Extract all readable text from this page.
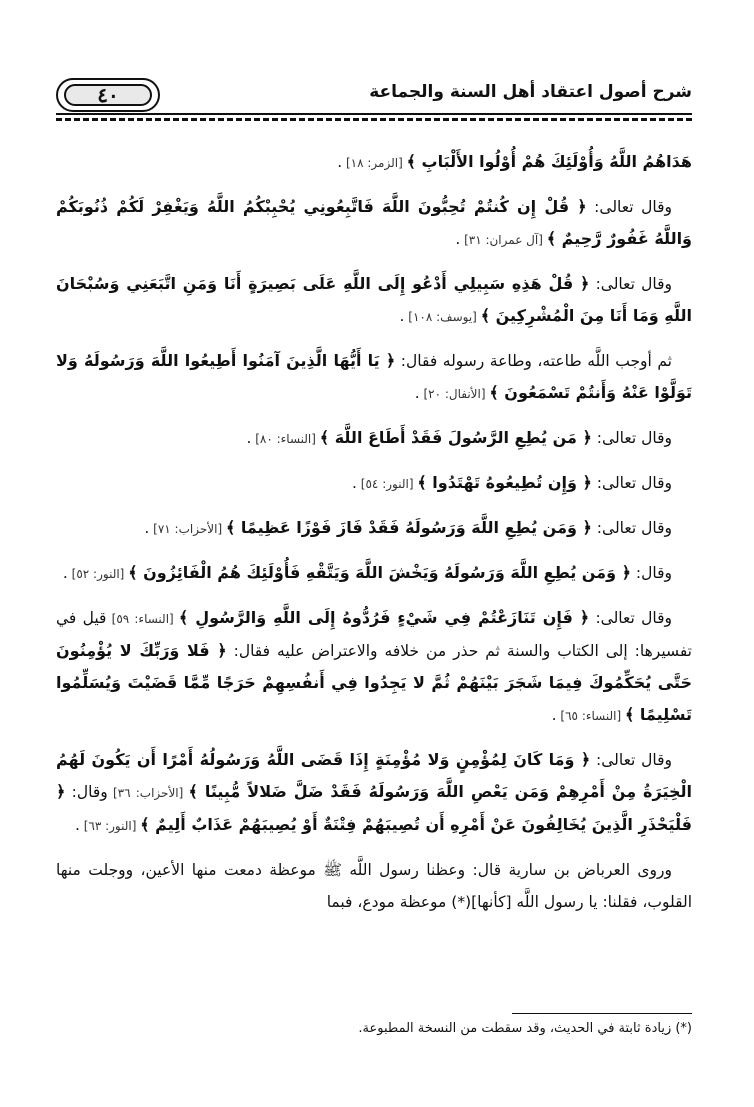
٤٠	شرح أصول اعتقاد أهل السنة والجماعة

هَدَاهُمُ اللَّهُ وَأُوْلَئِكَ هُمْ أُوْلُوا الأَلْبَابِ ﴾ [الزمر: ١٨] .

وقال تعالى: ﴿ قُلْ إِن كُنتُمْ تُحِبُّونَ اللَّهَ فَاتَّبِعُونِي يُحْبِبْكُمُ اللَّهُ وَيَغْفِرْ لَكُمْ ذُنُوبَكُمْ وَاللَّهُ غَفُورٌ رَّحِيمٌ ﴾ [آل عمران: ٣١] .

وقال تعالى: ﴿ قُلْ هَذِهِ سَبِيلِي أَدْعُو إِلَى اللَّهِ عَلَى بَصِيرَةٍ أَنَا وَمَنِ اتَّبَعَنِي وَسُبْحَانَ اللَّهِ وَمَا أَنَا مِنَ الْمُشْرِكِينَ ﴾ [يوسف: ١٠٨] .

ثم أوجب اللَّه طاعته، وطاعة رسوله فقال: ﴿ يَا أَيُّهَا الَّذِينَ آمَنُوا أَطِيعُوا اللَّهَ وَرَسُولَهُ وَلا تَوَلَّوْا عَنْهُ وَأَنتُمْ تَسْمَعُونَ ﴾ [الأنفال: ٢٠] .

وقال تعالى: ﴿ مَن يُطِعِ الرَّسُولَ فَقَدْ أَطَاعَ اللَّهَ ﴾ [النساء: ٨٠] .

وقال تعالى: ﴿ وَإِن تُطِيعُوهُ تَهْتَدُوا ﴾ [النور: ٥٤] .

وقال تعالى: ﴿ وَمَن يُطِعِ اللَّهَ وَرَسُولَهُ فَقَدْ فَازَ فَوْزًا عَظِيمًا ﴾ [الأحزاب: ٧١] .

وقال: ﴿ وَمَن يُطِعِ اللَّهَ وَرَسُولَهُ وَيَخْشَ اللَّهَ وَيَتَّقْهِ فَأُوْلَئِكَ هُمُ الْفَائِزُونَ ﴾ [النور: ٥٢] .

وقال تعالى: ﴿ فَإِن تَنَازَعْتُمْ فِي شَيْءٍ فَرُدُّوهُ إِلَى اللَّهِ وَالرَّسُولِ ﴾ [النساء: ٥٩] قيل في تفسيرها: إلى الكتاب والسنة ثم حذر من خلافه والاعتراض عليه فقال: ﴿ فَلا وَرَبِّكَ لا يُؤْمِنُونَ حَتَّى يُحَكِّمُوكَ فِيمَا شَجَرَ بَيْنَهُمْ ثُمَّ لا يَجِدُوا فِي أَنفُسِهِمْ حَرَجًا مِّمَّا قَضَيْتَ وَيُسَلِّمُوا تَسْلِيمًا ﴾ [النساء: ٦٥] .

وقال تعالى: ﴿ وَمَا كَانَ لِمُؤْمِنٍ وَلا مُؤْمِنَةٍ إِذَا قَضَى اللَّهُ وَرَسُولُهُ أَمْرًا أَن يَكُونَ لَهُمُ الْخِيَرَةُ مِنْ أَمْرِهِمْ وَمَن يَعْصِ اللَّهَ وَرَسُولَهُ فَقَدْ ضَلَّ ضَلالاً مُّبِينًا ﴾ [الأحزاب: ٣٦] وقال: ﴿ فَلْيَحْذَرِ الَّذِينَ يُخَالِفُونَ عَنْ أَمْرِهِ أَن تُصِيبَهُمْ فِتْنَةٌ أَوْ يُصِيبَهُمْ عَذَابٌ أَلِيمٌ ﴾ [النور: ٦٣] .

وروى العرباض بن سارية قال: وعظنا رسول اللَّه ﷺ موعظة دمعت منها الأعين، ووجلت منها القلوب، فقلنا: يا رسول اللَّه [كأنها](*) موعظة مودع، فبما

(*) زيادة ثابتة في الحديث، وقد سقطت من النسخة المطبوعة.
